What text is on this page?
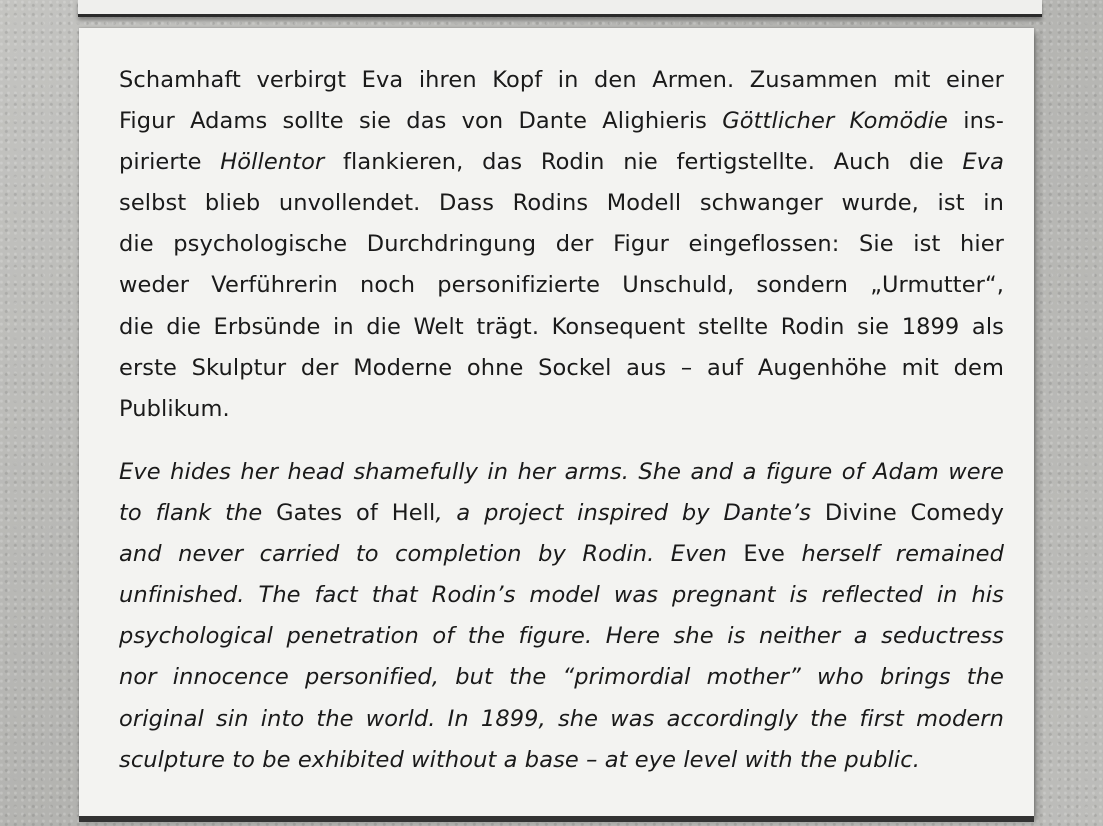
Schamhaft verbirgt Eva ihren Kopf in den Armen. Zusammen mit einer
Figur Adams sollte sie das von Dante Alighieris Göttlicher Komödie ins-
pirierte Höllentor flankieren, das Rodin nie fertigstellte. Auch die Eva
selbst blieb unvollendet. Dass Rodins Modell schwanger wurde, ist in
die psychologische Durchdringung der Figur eingeflossen: Sie ist hier
weder Verführerin noch personifizierte Unschuld, sondern „Urmutter“,
die die Erbsünde in die Welt trägt. Konsequent stellte Rodin sie 1899 als
erste Skulptur der Moderne ohne Sockel aus – auf Augenhöhe mit dem
Publikum.
Eve hides her head shamefully in her arms. She and a figure of Adam were
to flank the Gates of Hell, a project inspired by Dante’s Divine Comedy
and never carried to completion by Rodin. Even Eve herself remained
unfinished. The fact that Rodin’s model was pregnant is reflected in his
psychological penetration of the figure. Here she is neither a seductress
nor innocence personified, but the “primordial mother” who brings the
original sin into the world. In 1899, she was accordingly the first modern
sculpture to be exhibited without a base – at eye level with the public.
